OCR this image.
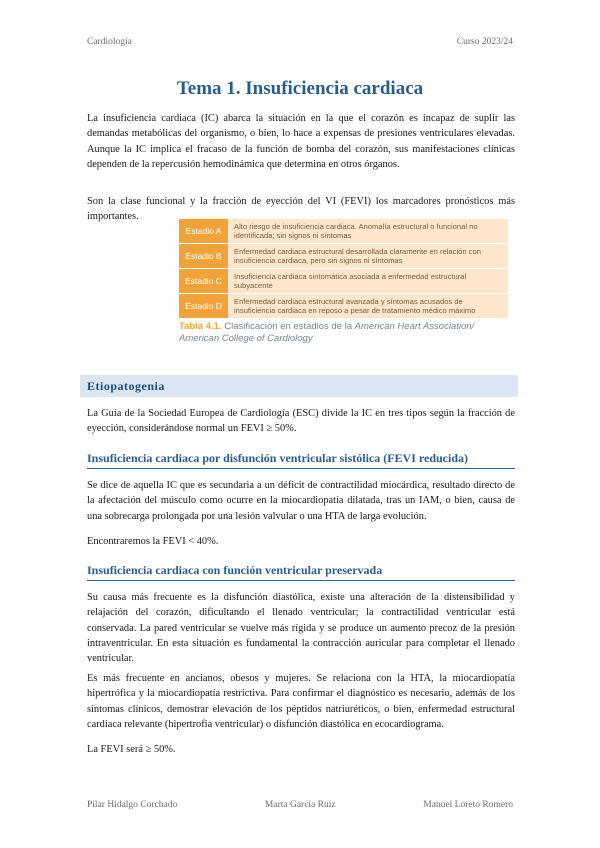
Cardiología	Curso 2023/24
Tema 1. Insuficiencia cardiaca

La insuficiencia cardiaca (IC) abarca la situación en la que el corazón es incapaz de suplir las demandas metabólicas del organismo, o bien, lo hace a expensas de presiones ventriculares elevadas. Aunque la IC implica el fracaso de la función de bomba del corazón, sus manifestaciones clínicas dependen de la repercusión hemodinámica que determina en otros órganos.

Son la clase funcional y la fracción de eyección del VI (FEVI) los marcadores pronósticos más importantes.

Estadio A	Alto riesgo de insuficiencia cardiaca. Anomalía estructural o funcional no identificada; sin signos ni síntomas
Estadio B	Enfermedad cardiaca estructural desarrollada claramente en relación con insuficiencia cardiaca, pero sin signos ni síntomas
Estadio C	Insuficiencia cardiaca sintomática asociada a enfermedad estructural subyacente
Estadio D	Enfermedad cardiaca estructural avanzada y síntomas acusados de insuficiencia cardiaca en reposo a pesar de tratamiento médico máximo
Tabla 4.1. Clasificación en estadios de la American Heart Association/ American College of Cardiology
Etiopatogenia

La Guía de la Sociedad Europea de Cardiología (ESC) divide la IC en tres tipos según la fracción de eyección, considerándose normal un FEVI ≥ 50%.

Insuficiencia cardiaca por disfunción ventricular sistólica (FEVI reducida)

Se dice de aquella IC que es secundaria a un déficit de contractilidad miocárdica, resultado directo de la afectación del músculo como ocurre en la miocardiopatía dilatada, tras un IAM, o bien, causa de una sobrecarga prolongada por una lesión valvular o una HTA de larga evolución.

Encontraremos la FEVI < 40%.

Insuficiencia cardiaca con función ventricular preservada

Su causa más frecuente es la disfunción diastólica, existe una alteración de la distensibilidad y relajación del corazón, dificultando el llenado ventricular; la contractilidad ventricular está conservada. La pared ventricular se vuelve más rígida y se produce un aumento precoz de la presión intraventricular. En esta situación es fundamental la contracción auricular para completar el llenado ventricular.

Es más frecuente en ancianos, obesos y mujeres. Se relaciona con la HTA, la miocardiopatía hipertrófica y la miocardiopatía restrictiva. Para confirmar el diagnóstico es necesario, además de los síntomas clínicos, demostrar elevación de los péptidos natriuréticos, o bien, enfermedad estructural cardiaca relevante (hipertrofia ventricular) o disfunción diastólica en ecocardiograma.

La FEVI será ≥ 50%.

Pilar Hidalgo Corchado	Marta García Ruiz	Manuel Loreto Romero
